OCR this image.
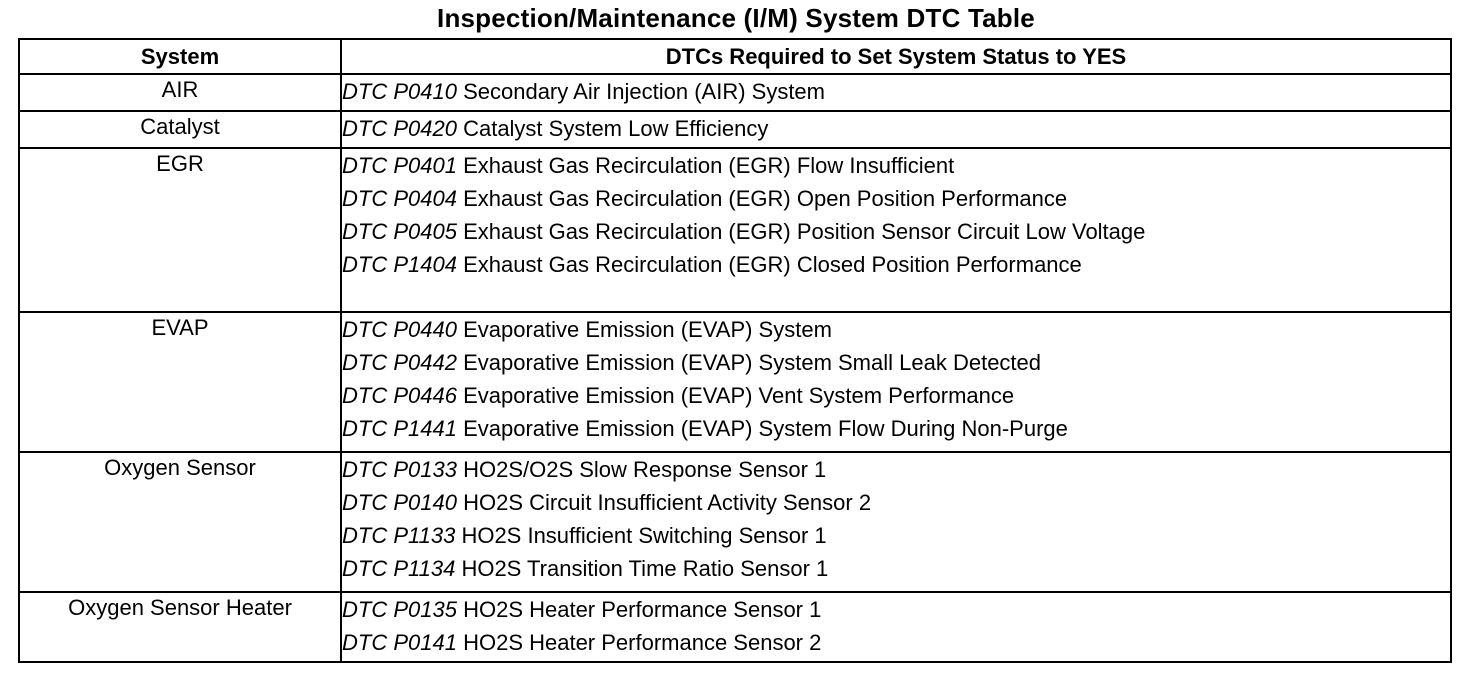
Inspection/Maintenance (I/M) System DTC Table
System	DTCs Required to Set System Status to YES
AIR	DTC P0410 Secondary Air Injection (AIR) System

Catalyst	DTC P0420 Catalyst System Low Efficiency

EGR	DTC P0401 Exhaust Gas Recirculation (EGR) Flow Insufficient
DTC P0404 Exhaust Gas Recirculation (EGR) Open Position Performance
DTC P0405 Exhaust Gas Recirculation (EGR) Position Sensor Circuit Low Voltage
DTC P1404 Exhaust Gas Recirculation (EGR) Closed Position Performance

EVAP	DTC P0440 Evaporative Emission (EVAP) System
DTC P0442 Evaporative Emission (EVAP) System Small Leak Detected
DTC P0446 Evaporative Emission (EVAP) Vent System Performance
DTC P1441 Evaporative Emission (EVAP) System Flow During Non-Purge

Oxygen Sensor	DTC P0133 HO2S/O2S Slow Response Sensor 1
DTC P0140 HO2S Circuit Insufficient Activity Sensor 2
DTC P1133 HO2S Insufficient Switching Sensor 1
DTC P1134 HO2S Transition Time Ratio Sensor 1

Oxygen Sensor Heater	DTC P0135 HO2S Heater Performance Sensor 1
DTC P0141 HO2S Heater Performance Sensor 2
